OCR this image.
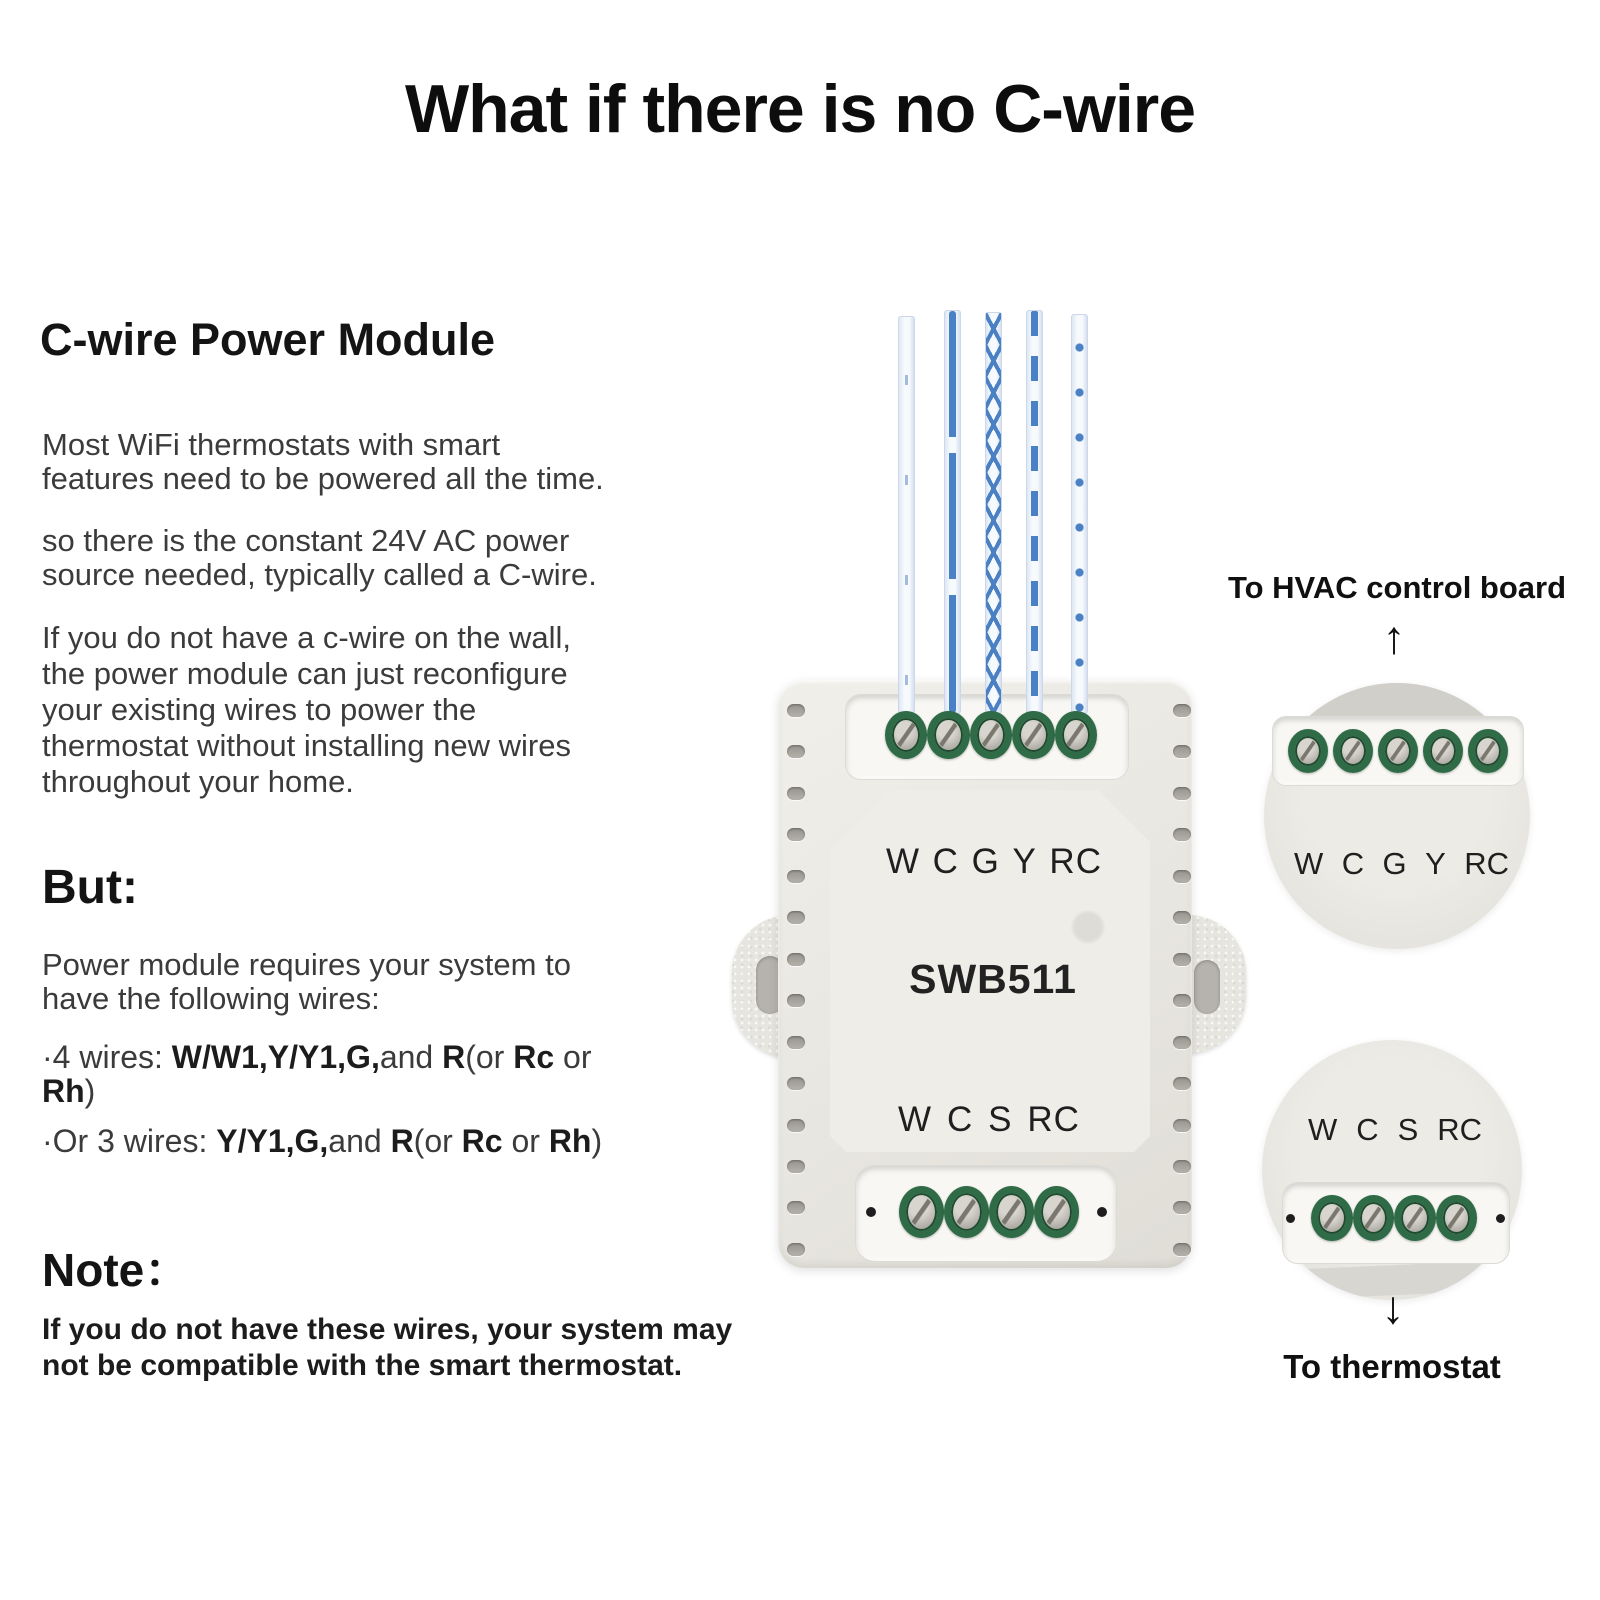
What if there is no C-wire
C-wire Power Module
Most WiFi thermostats with smart
features need to be powered all the time.
so there is the constant 24V AC power
source needed, typically called a C-wire.
If you do not have a c-wire on the wall,
the power module can just reconfigure
your existing wires to power the
thermostat without installing new wires
throughout your home.
But:
Power module requires your system to
have the following wires:
·4 wires: W/W1,Y/Y1,G,and R(or Rc or
Rh)
·Or 3 wires: Y/Y1,G,and R(or Rc or Rh)
Note：
If you do not have these wires, your system may
not be compatible with the smart thermostat.
W C G Y RC
SWB511
W C S RC
To HVAC control board
↑
W C G Y RC
W C S RC
↓
To thermostat
